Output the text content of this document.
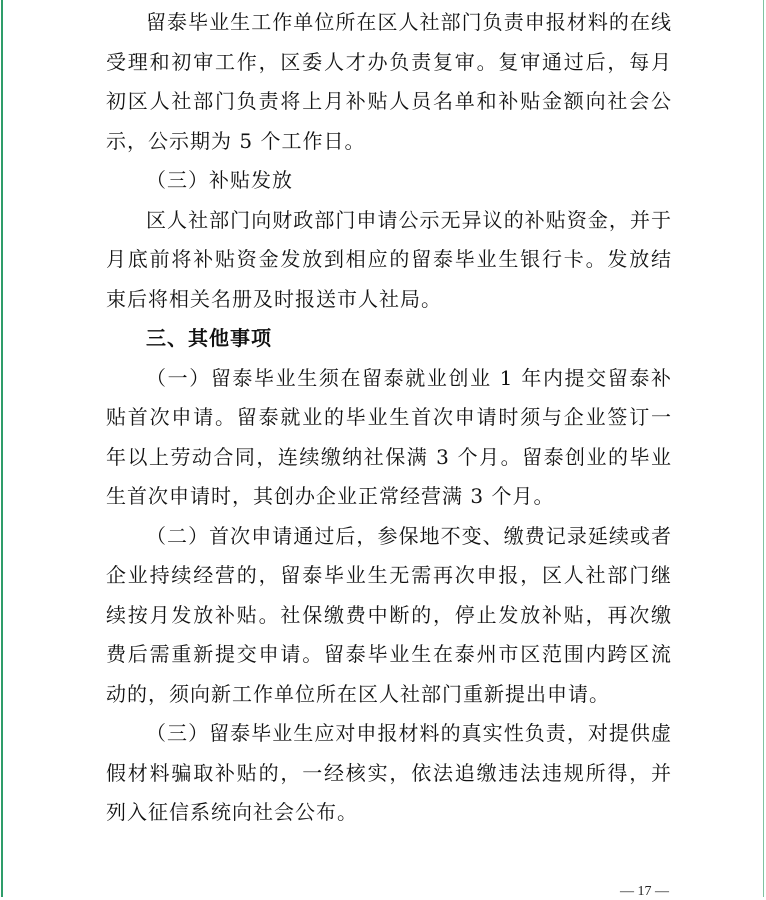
留泰毕业生工作单位所在区人社部门负责申报材料的在线受理和初审工作，区委人才办负责复审。复审通过后，每月初区人社部门负责将上月补贴人员名单和补贴金额向社会公示，公示期为 5 个工作日。

（三）补贴发放

区人社部门向财政部门申请公示无异议的补贴资金，并于月底前将补贴资金发放到相应的留泰毕业生银行卡。发放结束后将相关名册及时报送市人社局。

三、其他事项

（一）留泰毕业生须在留泰就业创业 1 年内提交留泰补贴首次申请。留泰就业的毕业生首次申请时须与企业签订一年以上劳动合同，连续缴纳社保满 3 个月。留泰创业的毕业生首次申请时，其创办企业正常经营满 3 个月。

（二）首次申请通过后，参保地不变、缴费记录延续或者企业持续经营的，留泰毕业生无需再次申报，区人社部门继续按月发放补贴。社保缴费中断的，停止发放补贴，再次缴费后需重新提交申请。留泰毕业生在泰州市区范围内跨区流动的，须向新工作单位所在区人社部门重新提出申请。

（三）留泰毕业生应对申报材料的真实性负责，对提供虚假材料骗取补贴的，一经核实，依法追缴违法违规所得，并列入征信系统向社会公布。

— 17 —
